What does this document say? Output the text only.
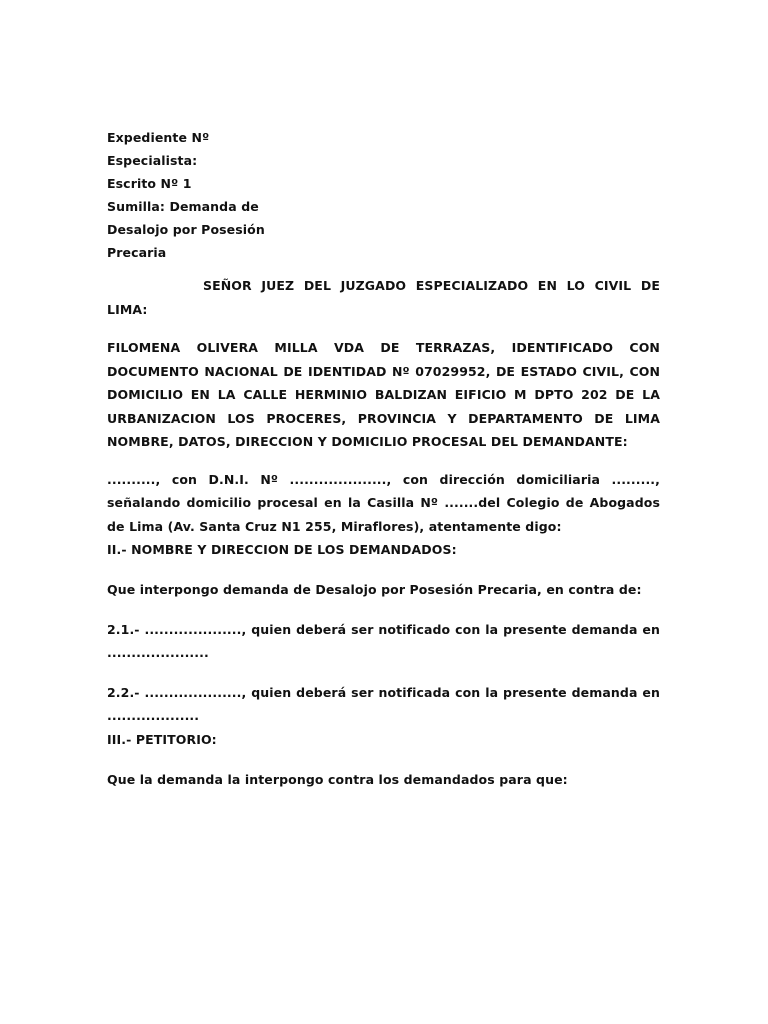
Expediente Nº

Especialista:

Escrito Nº 1

Sumilla: Demanda de

Desalojo por Posesión

Precaria

SEÑOR JUEZ DEL JUZGADO ESPECIALIZADO EN LO CIVIL DE LIMA:

FILOMENA OLIVERA MILLA VDA DE TERRAZAS, IDENTIFICADO CON DOCUMENTO NACIONAL DE IDENTIDAD Nº 07029952, DE ESTADO CIVIL, CON DOMICILIO EN LA CALLE HERMINIO BALDIZAN EIFICIO M DPTO 202 DE LA URBANIZACION LOS PROCERES, PROVINCIA Y DEPARTAMENTO DE LIMA NOMBRE, DATOS, DIRECCION Y DOMICILIO PROCESAL DEL DEMANDANTE:

.........., con D.N.I. Nº ...................., con dirección domiciliaria ........., señalando domicilio procesal en la Casilla Nº .......del Colegio de Abogados de Lima (Av. Santa Cruz N1 255, Miraflores), atentamente digo:

II.- NOMBRE Y DIRECCION DE LOS DEMANDADOS:

Que interpongo demanda de Desalojo por Posesión Precaria, en contra de:

2.1.- ...................., quien deberá ser notificado con la presente demanda en .....................

2.2.- ...................., quien deberá ser notificada con la presente demanda en ...................

III.- PETITORIO:

Que la demanda la interpongo contra los demandados para que:
